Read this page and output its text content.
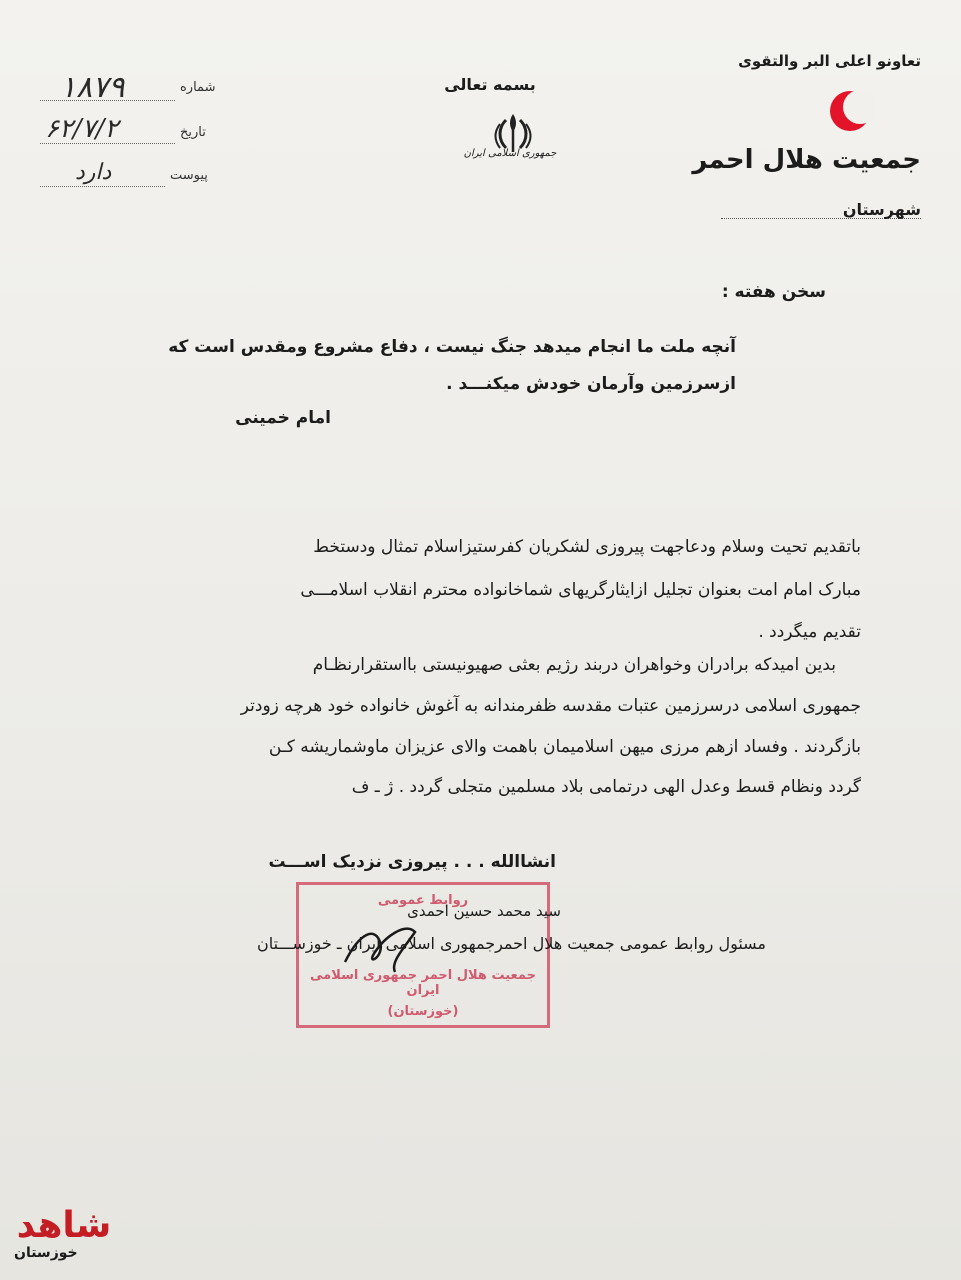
تعاونو اعلی البر والتقوی
جمعیت هلال احمر
شهرستان
بسمه تعالی
جمهوری اسلامی ایران
شماره
۱۸۷۹
تاریخ
۶۲/۷/۲
پیوست
دارد
سخن هفته :
آنچه ملت ما انجام میدهد جنگ نیست ، دفاع مشروع ومقدس است که
ازسرزمین وآرمان خودش میکنـــد .
امام خمینی
باتقدیم تحیت وسلام ودعاجهت پیروزی لشکریان کفرستیزاسلام تمثال ودستخط
مبارک امام امت بعنوان تجلیل ازایثارگریهای شماخانواده محترم انقلاب اسلامـــی
تقدیم میگردد .
بدین امیدکه برادران وخواهران دربند رژیم بعثی صهیونیستی بااستقرارنظـام
جمهوری اسلامی درسرزمین عتبات مقدسه ظفرمندانه به آغوش خانواده خود هرچه زودتر
بازگردند . وفساد ازهم مرزی میهن اسلامیمان باهمت والای عزیزان ماوشماریشه کـن
گردد ونظام قسط وعدل الهی درتمامی بلاد مسلمین متجلی گردد . ژ ـ ف
انشاالله . . . پیروزی نزدیک اســـت
روابط عمومی
جمعیت هلال احمر جمهوری اسلامی ایران
(خوزستان)
سید محمد حسین احمدی
مسئول روابط عمومی جمعیت هلال احمرجمهوری اسلامی ایران ـ خوزســـتان
شاهد
خوزستان
